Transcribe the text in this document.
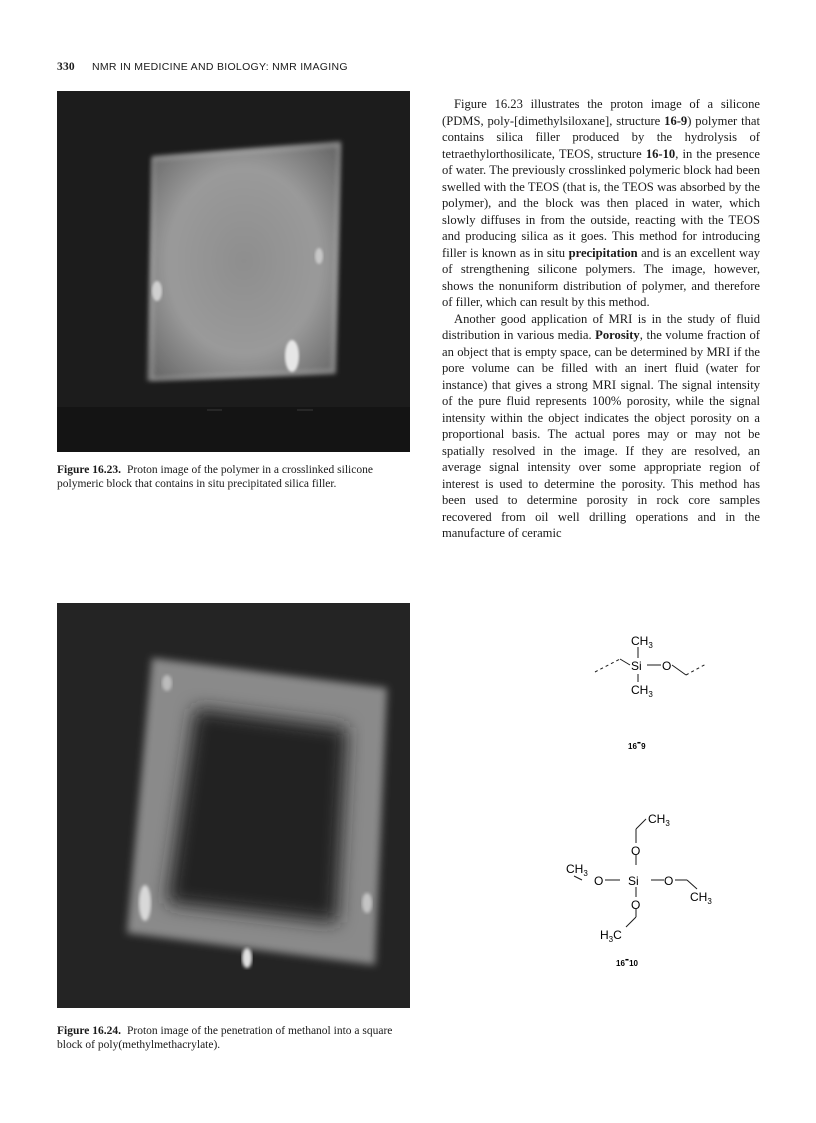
330 NMR IN MEDICINE AND BIOLOGY: NMR IMAGING
Figure 16.23. Proton image of the polymer in a crosslinked silicone polymeric block that contains in situ precipitated silica filler.
Figure 16.24. Proton image of the penetration of methanol into a square block of poly(methylmethacrylate).

Figure 16.23 illustrates the proton image of a silicone (PDMS, poly-[dimethylsiloxane], structure 16-9) polymer that contains silica filler produced by the hydrolysis of tetraethylorthosilicate, TEOS, structure 16-10, in the presence of water. The previously crosslinked polymeric block had been swelled with the TEOS (that is, the TEOS was absorbed by the polymer), and the block was then placed in water, which slowly diffuses in from the outside, reacting with the TEOS and producing silica as it goes. This method for introducing filler is known as in situ precipitation and is an excellent way of strengthening silicone polymers. The image, however, shows the nonuniform distribution of polymer, and therefore of filler, which can result by this method.

Another good application of MRI is in the study of fluid distribution in various media. Porosity, the volume fraction of an object that is empty space, can be determined by MRI if the pore volume can be filled with an inert fluid (water for instance) that gives a strong MRI signal. The signal intensity of the pure fluid represents 100% porosity, while the signal intensity within the object indicates the object porosity on a proportional basis. The actual pores may or may not be spatially resolved in the image. If they are resolved, an average signal intensity over some appropriate region of interest is used to determine the porosity. This method has been used to determine porosity in rock core samples recovered from oil well drilling operations and in the manufacture of ceramic

CH3
Si O
CH3
16-9
CH3
O
CH3
O Si O
CH3
O
H3C
16-10
